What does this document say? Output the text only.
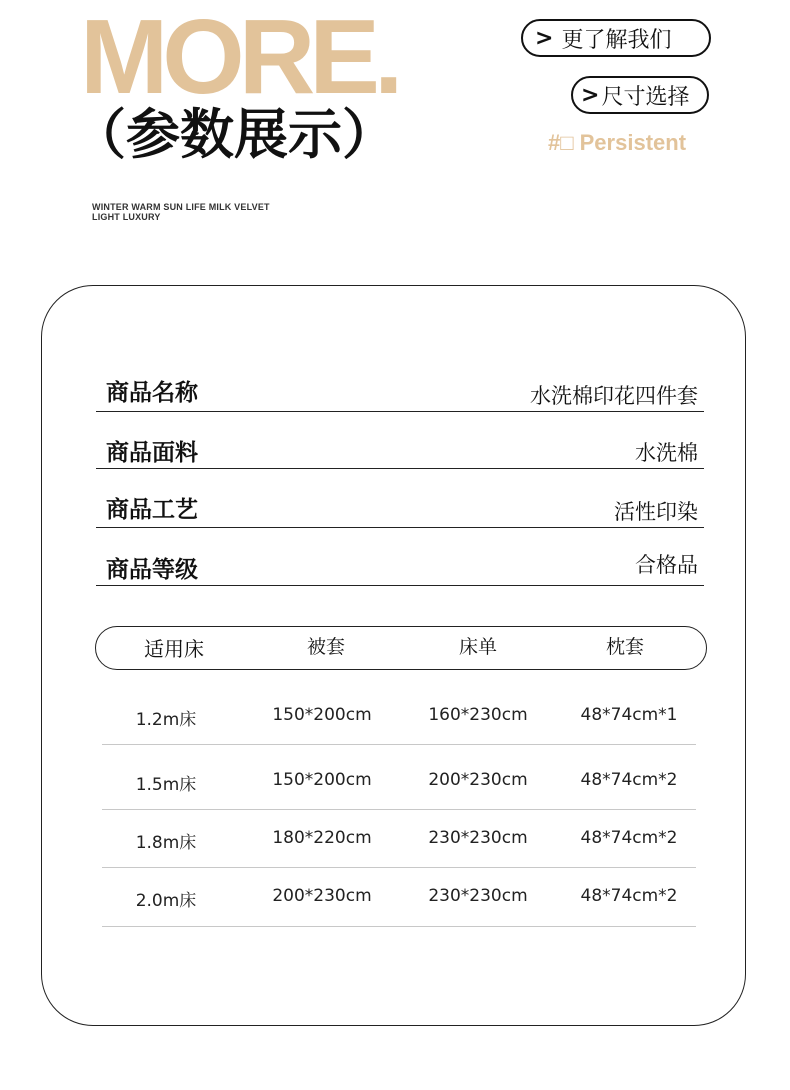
MORE.
（参数展示）
WINTER WARM SUN LIFE MILK VELVET
LIGHT LUXURY
> 更了解我们
> 尺寸选择
#□ Persistent
商品名称	水洗棉印花四件套
商品面料	水洗棉
商品工艺	活性印染
商品等级	合格品
适用床	被套	床单	枕套
1.2m床	150*200cm	160*230cm	48*74cm*1
1.5m床	150*200cm	200*230cm	48*74cm*2
1.8m床	180*220cm	230*230cm	48*74cm*2
2.0m床	200*230cm	230*230cm	48*74cm*2
